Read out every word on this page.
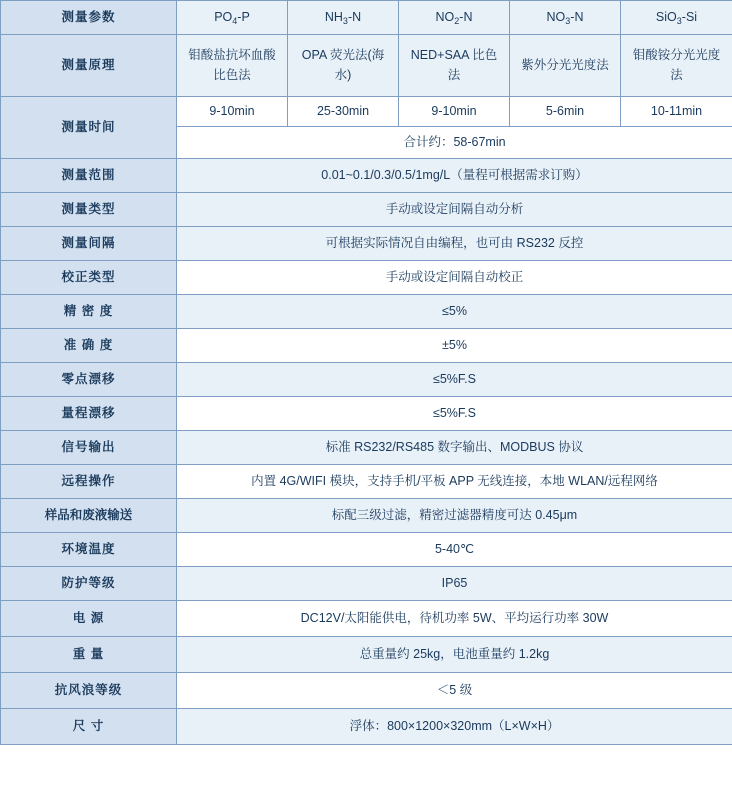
测量参数	$PO_4-P$	$NH_3-N$	$NO_2-N$	$NO_3-N$	SiO$_3$-Si
测量原理	钼酸盐抗坏血酸比色法	OPA 荧光法(海水)	NED+SAA 比色法	紫外分光光度法	钼酸铵分光光度法
测量时间	9-10min	25-30min	9-10min	5-6min	10-11min
	合计约：58-67min				
测量范围	0.01~0.1/0.3/0.5/1mg/L（量程可根据需求订购）				
测量类型	手动或设定间隔自动分析				
测量间隔	可根据实际情况自由编程，也可由 RS232 反控				
校正类型	手动或设定间隔自动校正				
精 密 度	≤5%				
准 确 度	±5%				
零点漂移	≤5%F.S				
量程漂移	≤5%F.S				
信号输出	标准 RS232/RS485 数字输出、MODBUS 协议				
远程操作	内置 4G/WIFI 模块，支持手机/平板 APP 无线连接，本地 WLAN/远程网络				
样品和废液输送	标配三级过滤，精密过滤器精度可达 0.45μm				
环境温度	5-40℃				
防护等级	IP65				
电 源	DC12V/太阳能供电，待机功率 5W、平均运行功率 30W				
重 量	总重量约 25kg，电池重量约 1.2kg				
抗风浪等级	＜5 级				
尺 寸	浮体：800×1200×320mm（L×W×H）				
